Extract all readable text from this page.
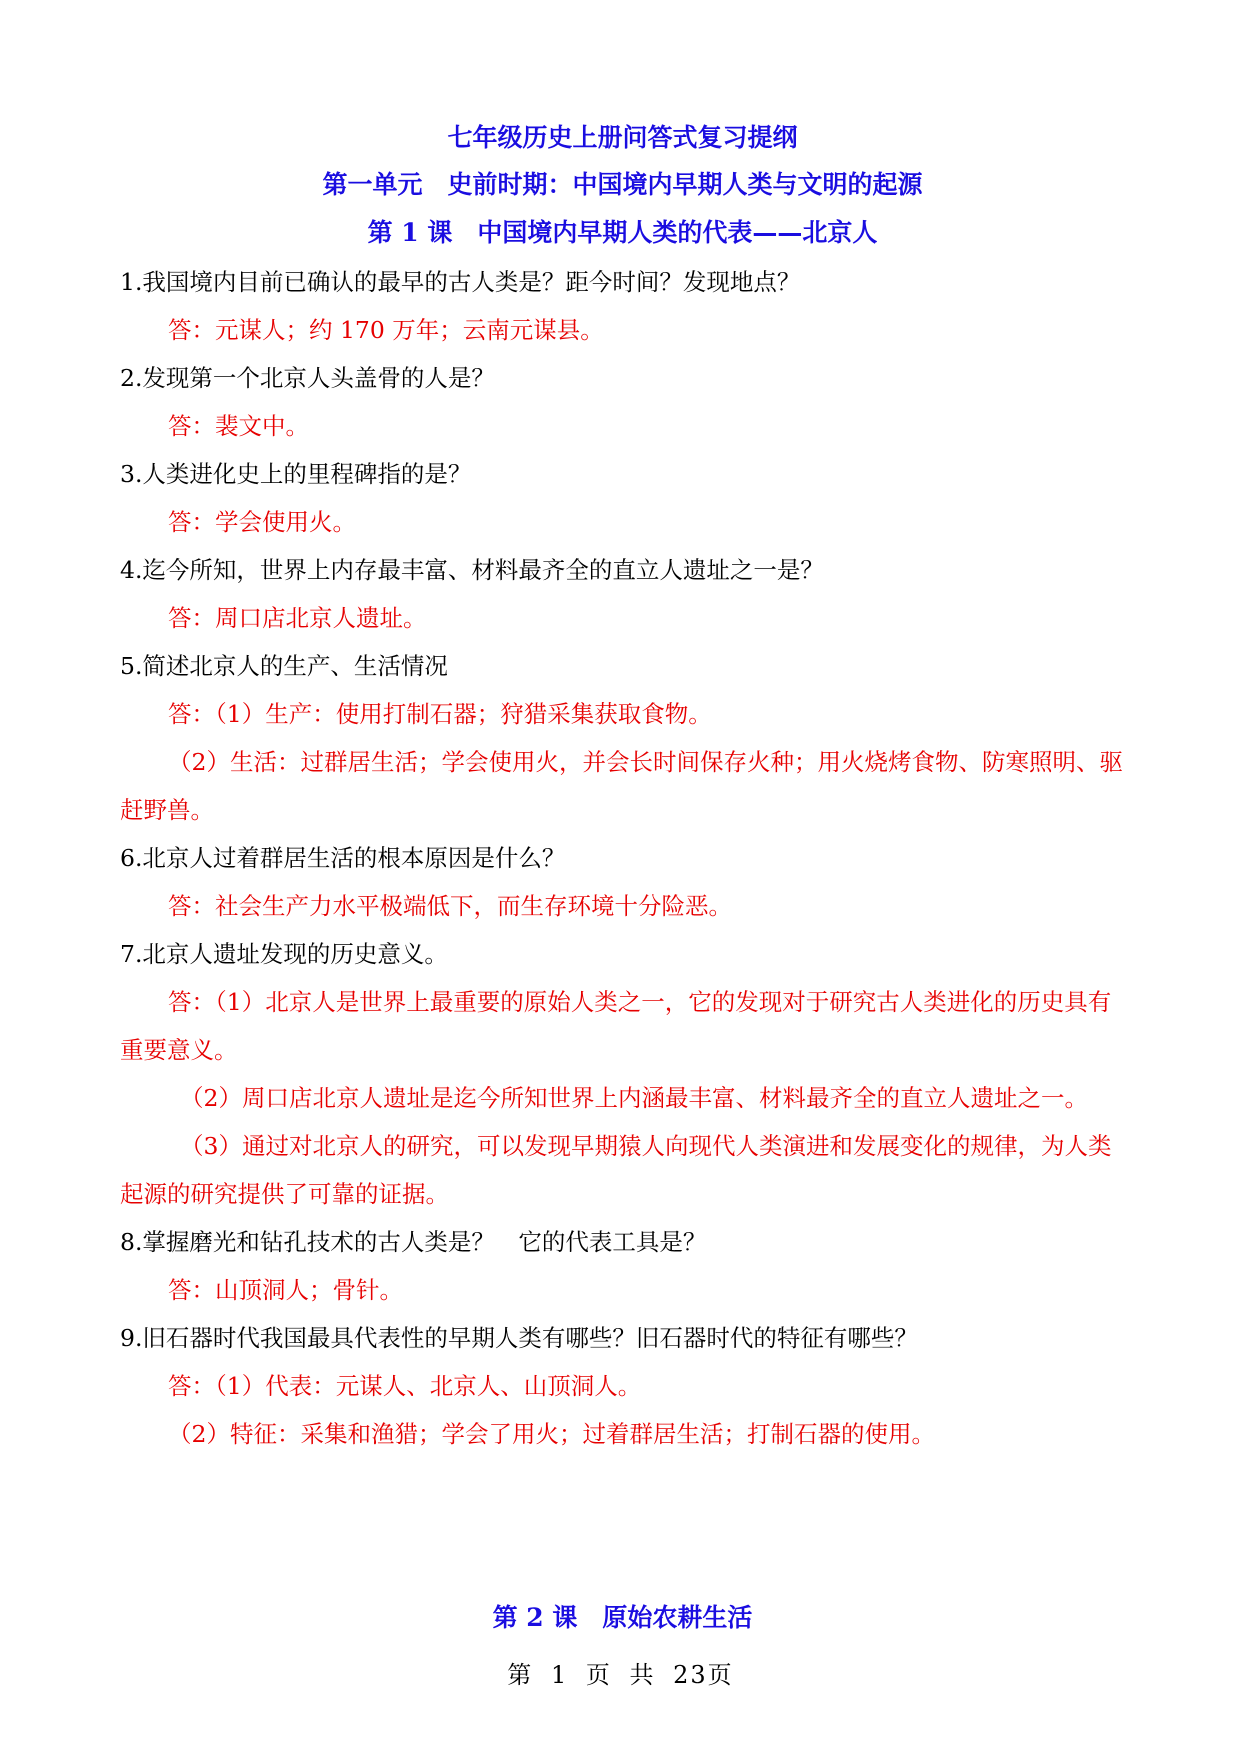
七年级历史上册问答式复习提纲
第一单元　史前时期：中国境内早期人类与文明的起源
第 1 课　中国境内早期人类的代表——北京人
1.我国境内目前已确认的最早的古人类是？距今时间？发现地点？
答：元谋人；约 170 万年；云南元谋县。
2.发现第一个北京人头盖骨的人是？
答：裴文中。
3.人类进化史上的里程碑指的是？
答：学会使用火。
4.迄今所知，世界上内存最丰富、材料最齐全的直立人遗址之一是？
答：周口店北京人遗址。
5.简述北京人的生产、生活情况
答：（1）生产：使用打制石器；狩猎采集获取食物。
（2）生活：过群居生活；学会使用火，并会长时间保存火种；用火烧烤食物、防寒照明、驱赶野兽。
6.北京人过着群居生活的根本原因是什么？
答：社会生产力水平极端低下，而生存环境十分险恶。
7.北京人遗址发现的历史意义。
答：（1）北京人是世界上最重要的原始人类之一，它的发现对于研究古人类进化的历史具有重要意义。
（2）周口店北京人遗址是迄今所知世界上内涵最丰富、材料最齐全的直立人遗址之一。
（3）通过对北京人的研究，可以发现早期猿人向现代人类演进和发展变化的规律，为人类起源的研究提供了可靠的证据。
8.掌握磨光和钻孔技术的古人类是？　它的代表工具是？
答：山顶洞人；骨针。
9.旧石器时代我国最具代表性的早期人类有哪些？旧石器时代的特征有哪些？
答：（1）代表：元谋人、北京人、山顶洞人。
（2）特征：采集和渔猎；学会了用火；过着群居生活；打制石器的使用。
第 2 课　原始农耕生活
第 1 页 共 23页
